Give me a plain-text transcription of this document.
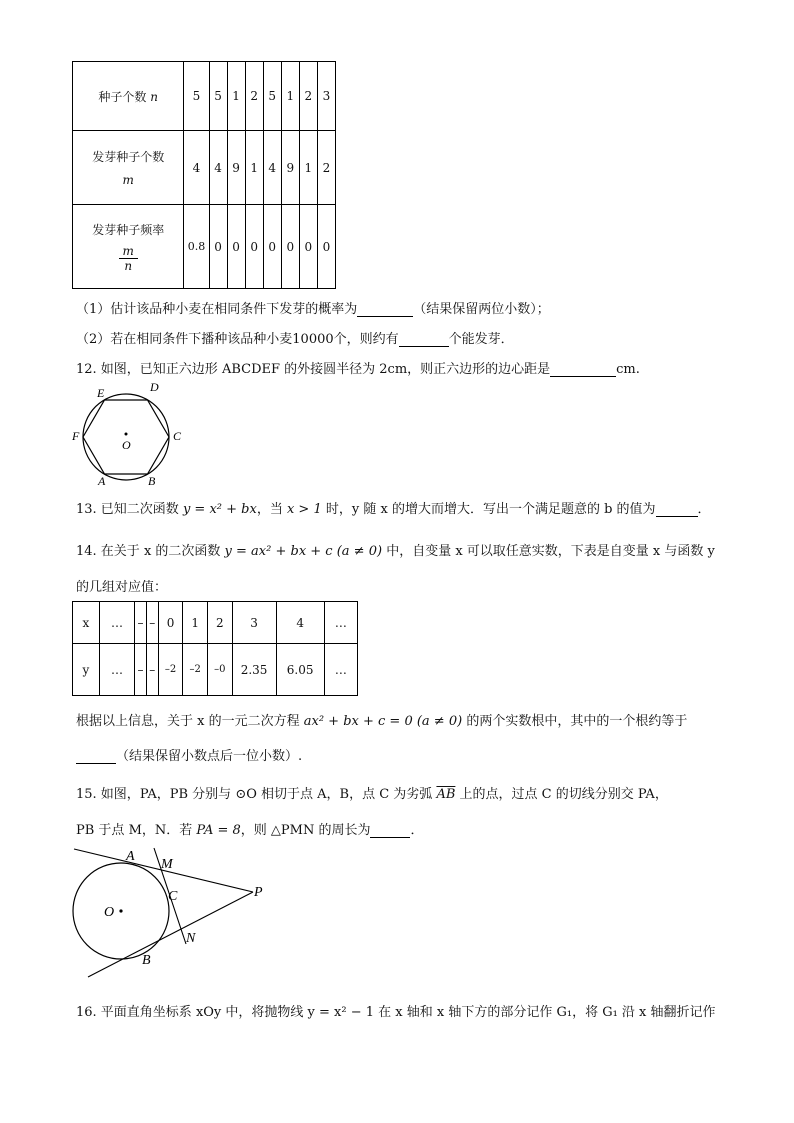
种子个数 n	5	5	1	2	5	1	2	3

发芽种子个数
m	4	4	9	1	4	9	1	2

发芽种子频率
$\frac{m}{n}$	0.8	0	0	0	0	0	0	0
（1）估计该品种小麦在相同条件下发芽的概率为	（结果保留两位小数）；
（2）若在相同条件下播种该品种小麦10000个，则约有	个能发芽．
12. 如图，已知正六边形 ABCDEF 的外接圆半径为 2cm，则正六边形的边心距是	cm.
O
A	B
C
D
E
F
13. 已知二次函数 y = x² + bx，当 x > 1 时，y 随 x 的增大而增大．写出一个满足题意的 b 的值为	．
14. 在关于 x 的二次函数 y = ax² + bx + c (a ≠ 0) 中，自变量 x 可以取任意实数，下表是自变量 x 与函数 y
的几组对应值：
x	…	–	–	0	1	2	3	4	…
y	…	–	–	–2	–2	–0	2.35	6.05	…
根据以上信息，关于 x 的一元二次方程 ax² + bx + c = 0 (a ≠ 0) 的两个实数根中，其中的一个根约等于
（结果保留小数点后一位小数）.
15. 如图，PA，PB 分别与 ⊙O 相切于点 A，B，点 C 为劣弧 $\overline{AB}$ 上的点，过点 C 的切线分别交 PA，
PB 于点 M，N．若 PA = 8，则 △PMN 的周长为	．
O
A
M
C	P
N
B
16. 平面直角坐标系 xOy 中，将抛物线 y = x² − 1 在 x 轴和 x 轴下方的部分记作 G₁，将 G₁ 沿 x 轴翻折记作
